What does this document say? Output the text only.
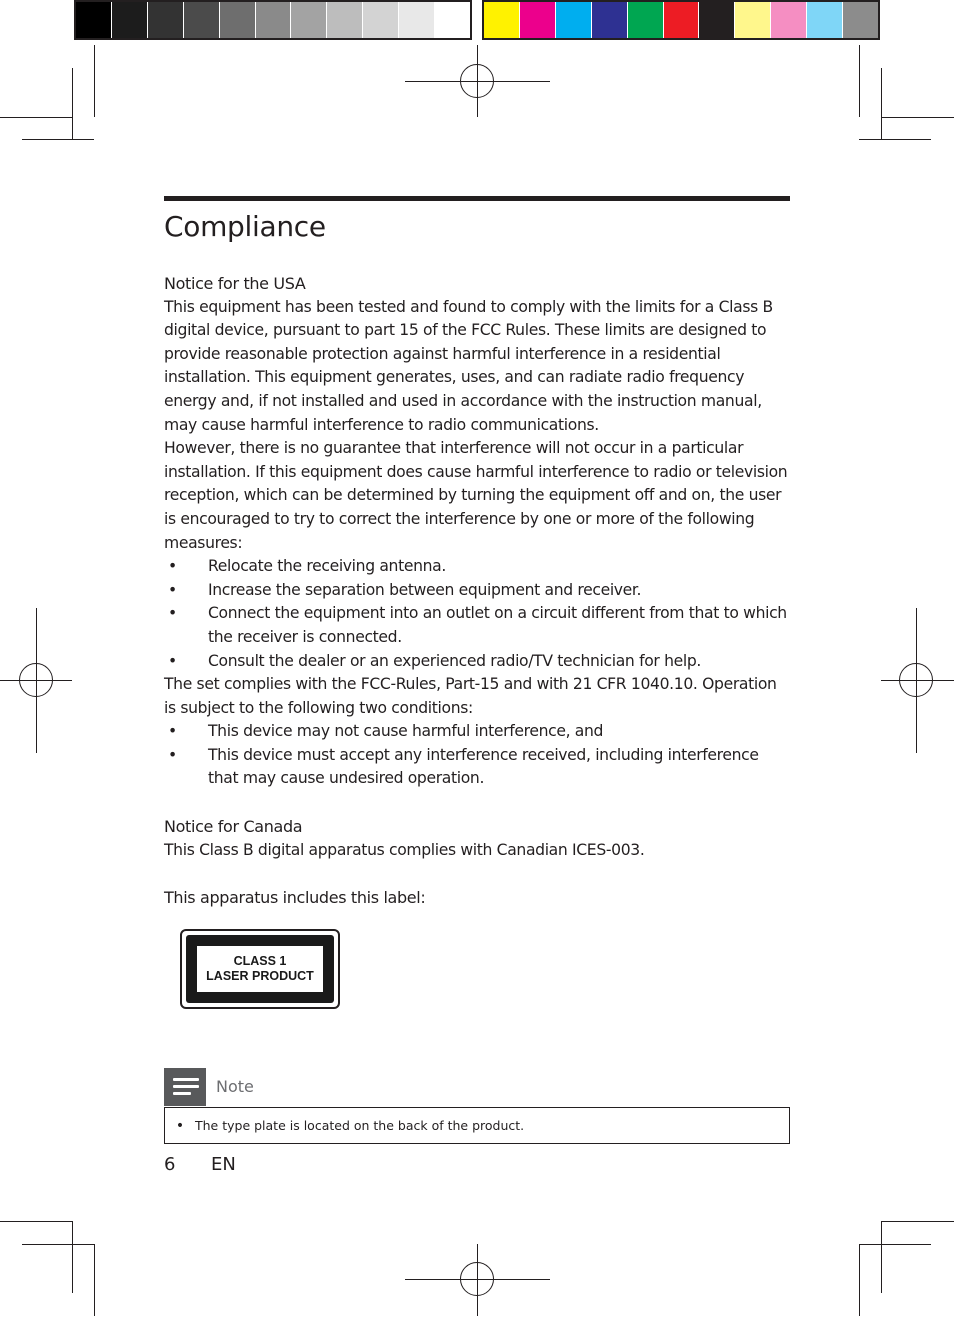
Compliance
Notice for the USA

This equipment has been tested and found to comply with the limits for a Class B digital device, pursuant to part 15 of the FCC Rules. These limits are designed to provide reasonable protection against harmful interference in a residential installation. This equipment generates, uses, and can radiate radio frequency energy and, if not installed and used in accordance with the instruction manual, may cause harmful interference to radio communications.

However, there is no guarantee that interference will not occur in a particular installation. If this equipment does cause harmful interference to radio or television reception, which can be determined by turning the equipment off and on, the user is encouraged to try to correct the interference by one or more of the following measures:

•	Relocate the receiving antenna.
•	Increase the separation between equipment and receiver.
•	Connect the equipment into an outlet on a circuit different from that to which the receiver is connected.
•	Consult the dealer or an experienced radio/TV technician for help.

The set complies with the FCC-Rules, Part-15 and with 21 CFR 1040.10. Operation is subject to the following two conditions:

•	This device may not cause harmful interference, and
•	This device must accept any interference received, including interference that may cause undesired operation.
Notice for Canada

This Class B digital apparatus complies with Canadian ICES-003.

This apparatus includes this label:

CLASS 1
LASER PRODUCT
Note
• The type plate is located on the back of the product.
6 EN
